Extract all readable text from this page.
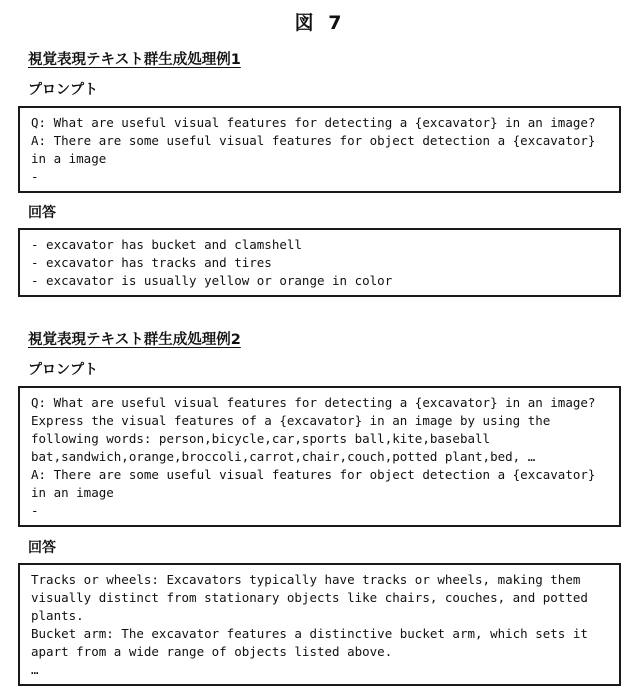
図 7
視覚表現テキスト群生成処理例1
プロンプト
Q: What are useful visual features for detecting a {excavator} in an image?
A: There are some useful visual features for object detection a {excavator}
in a image
-
回答
- excavator has bucket and clamshell
- excavator has tracks and tires
- excavator is usually yellow or orange in color
視覚表現テキスト群生成処理例2
プロンプト
Q: What are useful visual features for detecting a {excavator} in an image?
Express the visual features of a {excavator} in an image by using the
following words: person,bicycle,car,sports ball,kite,baseball
bat,sandwich,orange,broccoli,carrot,chair,couch,potted plant,bed, …
A: There are some useful visual features for object detection a {excavator}
in an image
-
回答
Tracks or wheels: Excavators typically have tracks or wheels, making them
visually distinct from stationary objects like chairs, couches, and potted
plants.
Bucket arm: The excavator features a distinctive bucket arm, which sets it
apart from a wide range of objects listed above.
…
